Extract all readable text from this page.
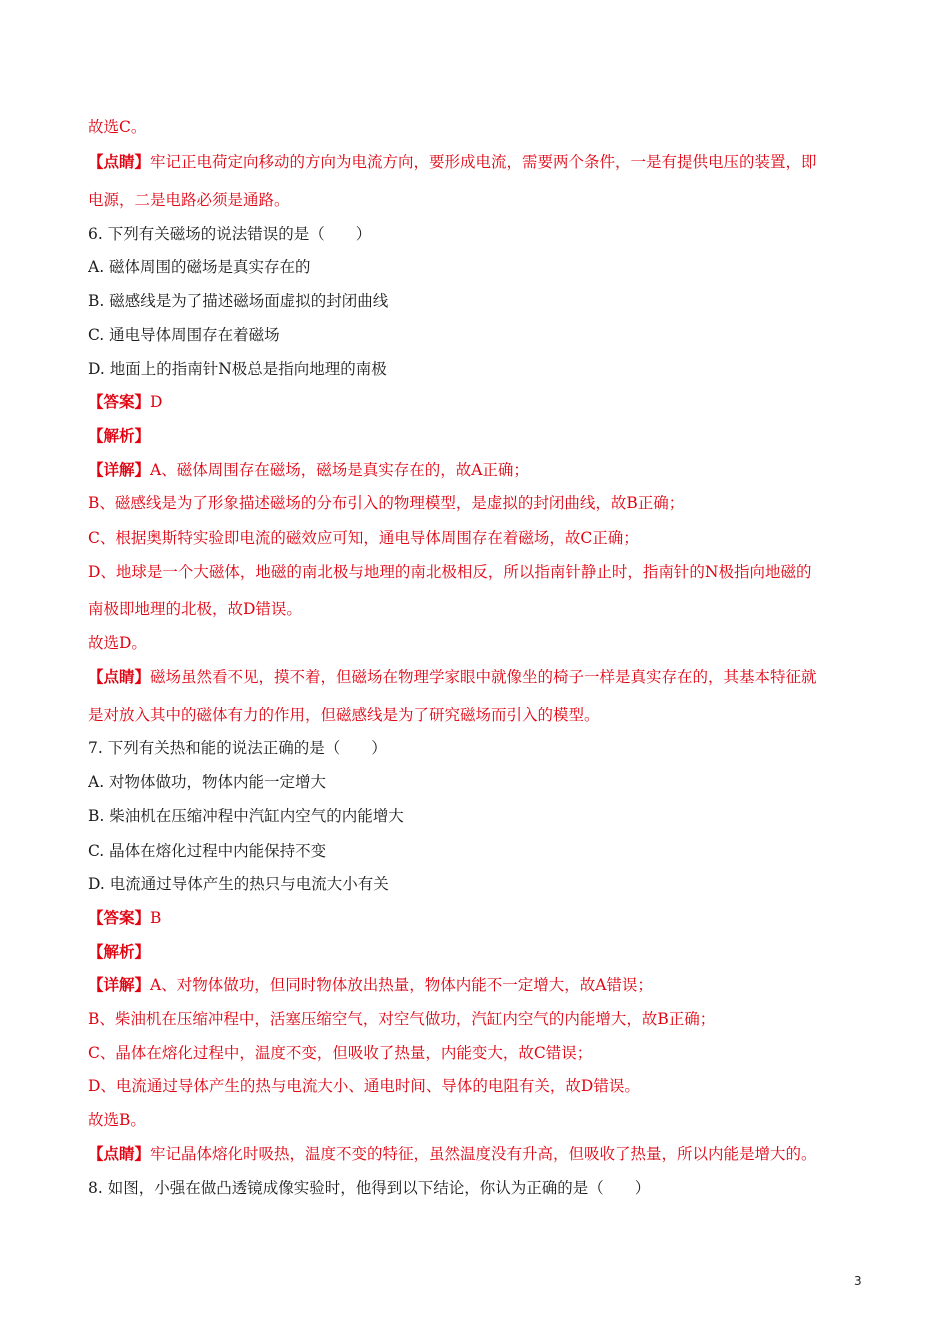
故选C。
【点睛】牢记正电荷定向移动的方向为电流方向，要形成电流，需要两个条件，一是有提供电压的装置，即
电源，二是电路必须是通路。
6. 下列有关磁场的说法错误的是（　　）
A. 磁体周围的磁场是真实存在的
B. 磁感线是为了描述磁场面虚拟的封闭曲线
C. 通电导体周围存在着磁场
D. 地面上的指南针N极总是指向地理的南极
【答案】D
【解析】
【详解】A、磁体周围存在磁场，磁场是真实存在的，故A正确；
B、磁感线是为了形象描述磁场的分布引入的物理模型，是虚拟的封闭曲线，故B正确；
C、根据奥斯特实验即电流的磁效应可知，通电导体周围存在着磁场，故C正确；
D、地球是一个大磁体，地磁的南北极与地理的南北极相反，所以指南针静止时，指南针的N极指向地磁的
南极即地理的北极，故D错误。
故选D。
【点睛】磁场虽然看不见，摸不着，但磁场在物理学家眼中就像坐的椅子一样是真实存在的，其基本特征就
是对放入其中的磁体有力的作用，但磁感线是为了研究磁场而引入的模型。
7. 下列有关热和能的说法正确的是（　　）
A. 对物体做功，物体内能一定增大
B. 柴油机在压缩冲程中汽缸内空气的内能增大
C. 晶体在熔化过程中内能保持不变
D. 电流通过导体产生的热只与电流大小有关
【答案】B
【解析】
【详解】A、对物体做功，但同时物体放出热量，物体内能不一定增大，故A错误；
B、柴油机在压缩冲程中，活塞压缩空气，对空气做功，汽缸内空气的内能增大，故B正确；
C、晶体在熔化过程中，温度不变，但吸收了热量，内能变大，故C错误；
D、电流通过导体产生的热与电流大小、通电时间、导体的电阻有关，故D错误。
故选B。
【点睛】牢记晶体熔化时吸热，温度不变的特征，虽然温度没有升高，但吸收了热量，所以内能是增大的。
8. 如图，小强在做凸透镜成像实验时，他得到以下结论，你认为正确的是（　　）
3
